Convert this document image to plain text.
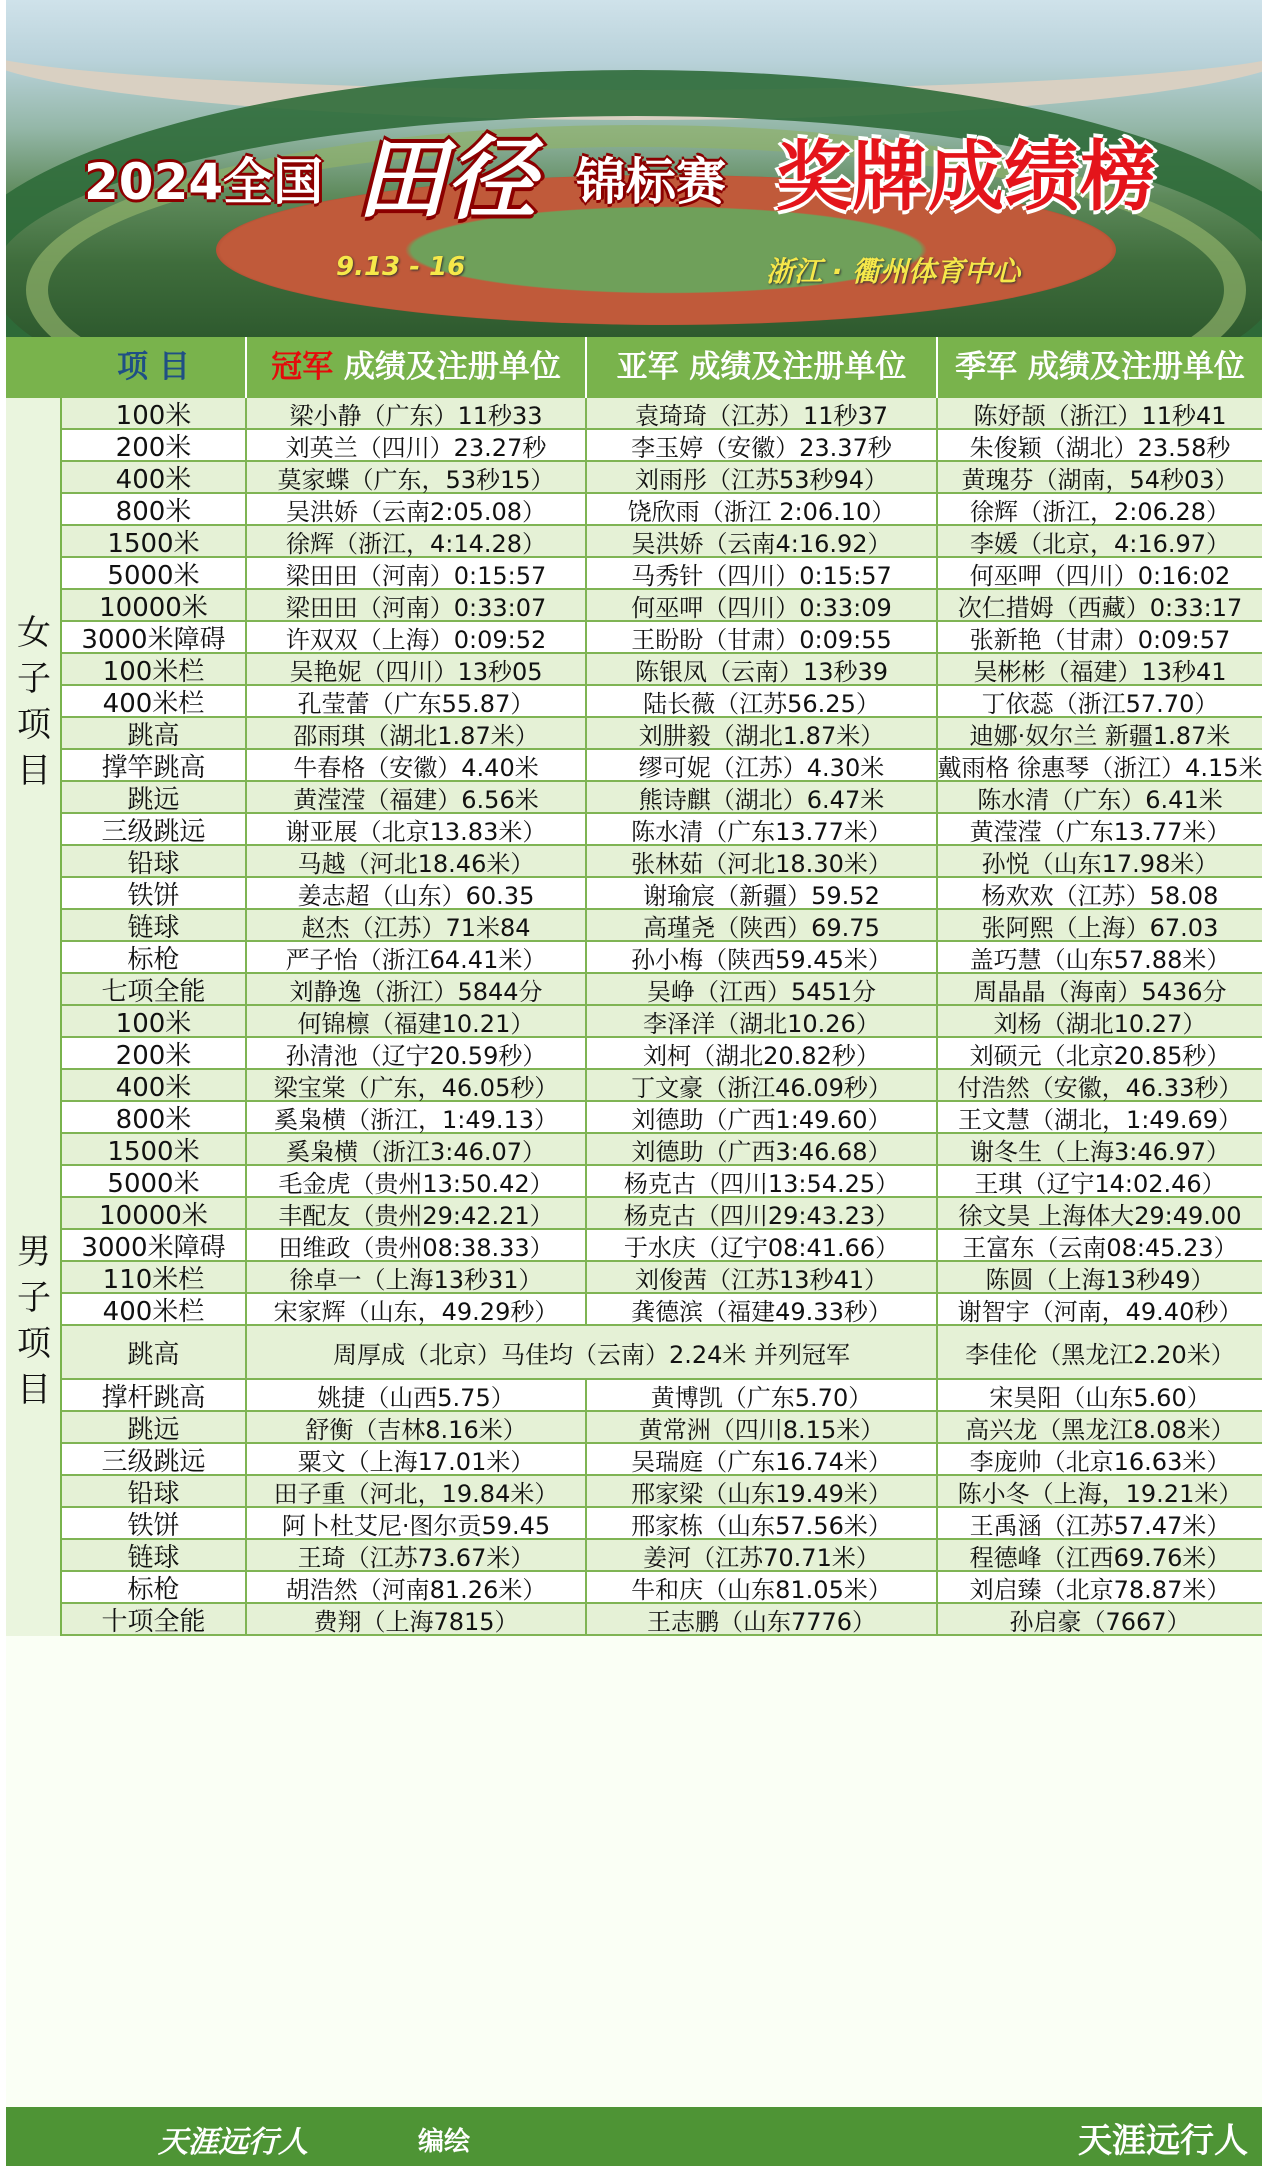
2024全国 田径 锦标赛 奖牌成绩榜
9.13 - 16	浙江 · 衢州体育中心
项 目	冠军 成绩及注册单位	亚军 成绩及注册单位	季军 成绩及注册单位
100米	梁小静（广东）11秒33	袁琦琦（江苏）11秒37	陈妤颉（浙江）11秒41
200米	刘英兰（四川）23.27秒	李玉婷（安徽）23.37秒	朱俊颖（湖北）23.58秒
400米	莫家蝶（广东，53秒15）	刘雨彤（江苏53秒94）	黄瑰芬（湖南，54秒03）
800米	吴洪娇（云南2:05.08）	饶欣雨（浙江 2:06.10）	徐辉（浙江，2:06.28）
1500米	徐辉（浙江，4:14.28）	吴洪娇（云南4:16.92）	李媛（北京，4:16.97）
5000米	梁田田（河南）0:15:57	马秀针（四川）0:15:57	何巫呷（四川）0:16:02
10000米	梁田田（河南）0:33:07	何巫呷（四川）0:33:09	次仁措姆（西藏）0:33:17
3000米障碍	许双双（上海）0:09:52	王盼盼（甘肃）0:09:55	张新艳（甘肃）0:09:57
100米栏	吴艳妮（四川）13秒05	陈银凤（云南）13秒39	吴彬彬（福建）13秒41
400米栏	孔莹蕾（广东55.87）	陆长薇（江苏56.25）	丁依蕊（浙江57.70）
跳高	邵雨琪（湖北1.87米）	刘肼毅（湖北1.87米）	迪娜·奴尔兰 新疆1.87米
撑竿跳高	牛春格（安徽）4.40米	缪可妮（江苏）4.30米	戴雨格 徐惠琴（浙江）4.15米
跳远	黄滢滢（福建）6.56米	熊诗麒（湖北）6.47米	陈水清（广东）6.41米
三级跳远	谢亚展（北京13.83米）	陈水清（广东13.77米）	黄滢滢（广东13.77米）
铅球	马越（河北18.46米）	张林茹（河北18.30米）	孙悦（山东17.98米）
铁饼	姜志超（山东）60.35	谢瑜宸（新疆）59.52	杨欢欢（江苏）58.08
链球	赵杰（江苏）71米84	高瑾尧（陕西）69.75	张阿熙（上海）67.03
标枪	严子怡（浙江64.41米）	孙小梅（陕西59.45米）	盖巧慧（山东57.88米）
七项全能	刘静逸（浙江）5844分	吴峥（江西）5451分	周晶晶（海南）5436分
女
子
项
目
100米	何锦檩（福建10.21）	李泽洋（湖北10.26）	刘杨（湖北10.27）
200米	孙清池（辽宁20.59秒）	刘柯（湖北20.82秒）	刘硕元（北京20.85秒）
400米	梁宝棠（广东，46.05秒）	丁文豪（浙江46.09秒）	付浩然（安徽，46.33秒）
800米	奚枭横（浙江，1:49.13）	刘德助（广西1:49.60）	王文慧（湖北，1:49.69）
1500米	奚枭横（浙江3:46.07）	刘德助（广西3:46.68）	谢冬生（上海3:46.97）
5000米	毛金虎（贵州13:50.42）	杨克古（四川13:54.25）	王琪（辽宁14:02.46）
10000米	丰配友（贵州29:42.21）	杨克古（四川29:43.23）	徐文昊 上海体大29:49.00
3000米障碍	田维政（贵州08:38.33）	于水庆（辽宁08:41.66）	王富东（云南08:45.23）
110米栏	徐卓一（上海13秒31）	刘俊茜（江苏13秒41）	陈圆（上海13秒49）
400米栏	宋家辉（山东，49.29秒）	龚德滨（福建49.33秒）	谢智宇（河南，49.40秒）
跳高	周厚成（北京）马佳均（云南）2.24米 并列冠军	李佳伦（黑龙江2.20米）
撑杆跳高	姚捷（山西5.75）	黄博凯（广东5.70）	宋昊阳（山东5.60）
跳远	舒衡（吉林8.16米）	黄常洲（四川8.15米）	高兴龙（黑龙江8.08米）
三级跳远	粟文（上海17.01米）	吴瑞庭（广东16.74米）	李庞帅（北京16.63米）
铅球	田子重（河北，19.84米）	邢家梁（山东19.49米）	陈小冬（上海，19.21米）
铁饼	阿卜杜艾尼·图尔贡59.45	邢家栋（山东57.56米）	王禹涵（江苏57.47米）
链球	王琦（江苏73.67米）	姜河（江苏70.71米）	程德峰（江西69.76米）
标枪	胡浩然（河南81.26米）	牛和庆（山东81.05米）	刘启臻（北京78.87米）
十项全能	费翔（上海7815）	王志鹏（山东7776）	孙启豪（7667）
男
子
项
目
天涯远行人	编绘	天涯远行人
